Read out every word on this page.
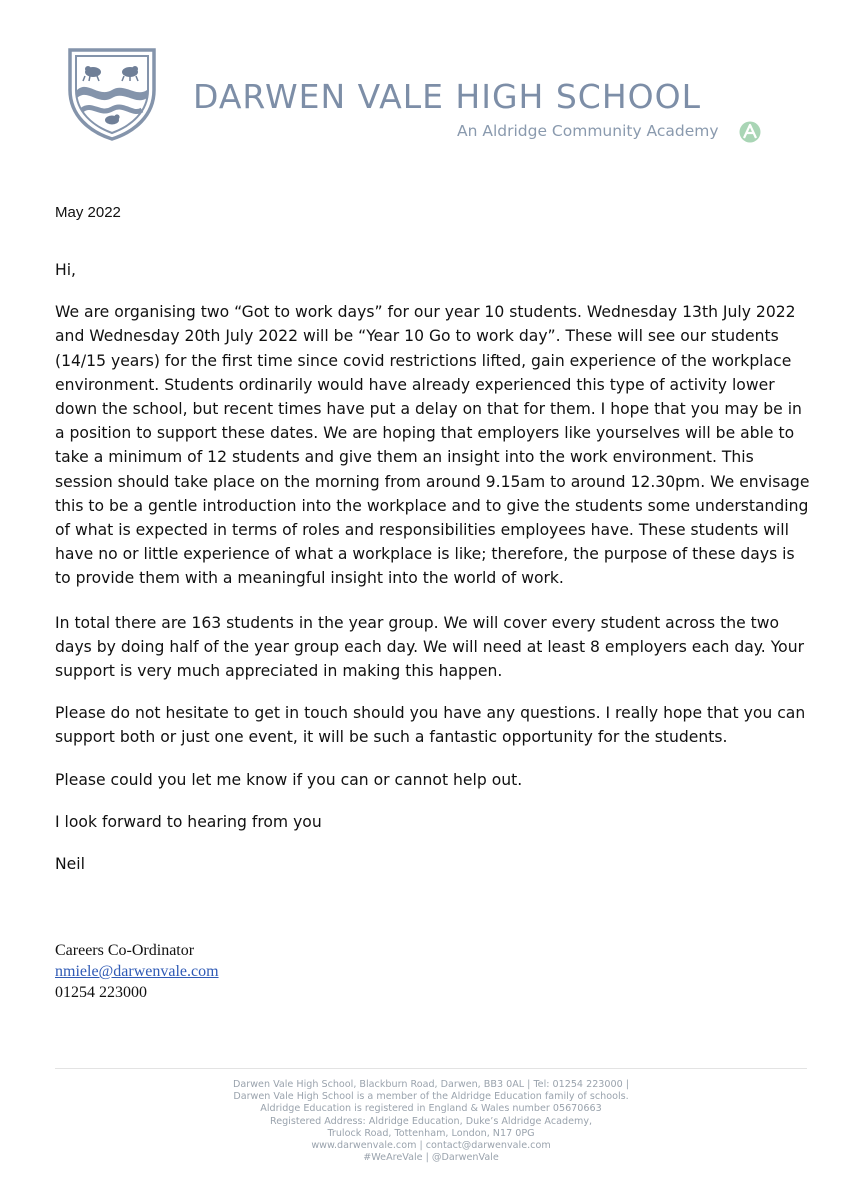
DARWEN VALE HIGH SCHOOL
An Aldridge Community Academy
May 2022

Hi,

We are organising two “Got to work days” for our year 10 students. Wednesday 13th July 2022 and Wednesday 20th July 2022 will be “Year 10 Go to work day”. These will see our students (14/15 years) for the first time since covid restrictions lifted, gain experience of the workplace environment. Students ordinarily would have already experienced this type of activity lower down the school, but recent times have put a delay on that for them. I hope that you may be in a position to support these dates. We are hoping that employers like yourselves will be able to take a minimum of 12 students and give them an insight into the work environment. This session should take place on the morning from around 9.15am to around 12.30pm. We envisage this to be a gentle introduction into the workplace and to give the students some understanding of what is expected in terms of roles and responsibilities employees have. These students will have no or little experience of what a workplace is like; therefore, the purpose of these days is to provide them with a meaningful insight into the world of work.

In total there are 163 students in the year group. We will cover every student across the two days by doing half of the year group each day. We will need at least 8 employers each day. Your support is very much appreciated in making this happen.

Please do not hesitate to get in touch should you have any questions. I really hope that you can support both or just one event, it will be such a fantastic opportunity for the students.

Please could you let me know if you can or cannot help out.

I look forward to hearing from you

Neil

Careers Co-Ordinator
nmiele@darwenvale.com
01254 223000
Darwen Vale High School, Blackburn Road, Darwen, BB3 0AL | Tel: 01254 223000 |
Darwen Vale High School is a member of the Aldridge Education family of schools.
Aldridge Education is registered in England & Wales number 05670663
Registered Address: Aldridge Education, Duke’s Aldridge Academy,
Trulock Road, Tottenham, London, N17 0PG
www.darwenvale.com | contact@darwenvale.com
#WeAreVale | @DarwenVale
